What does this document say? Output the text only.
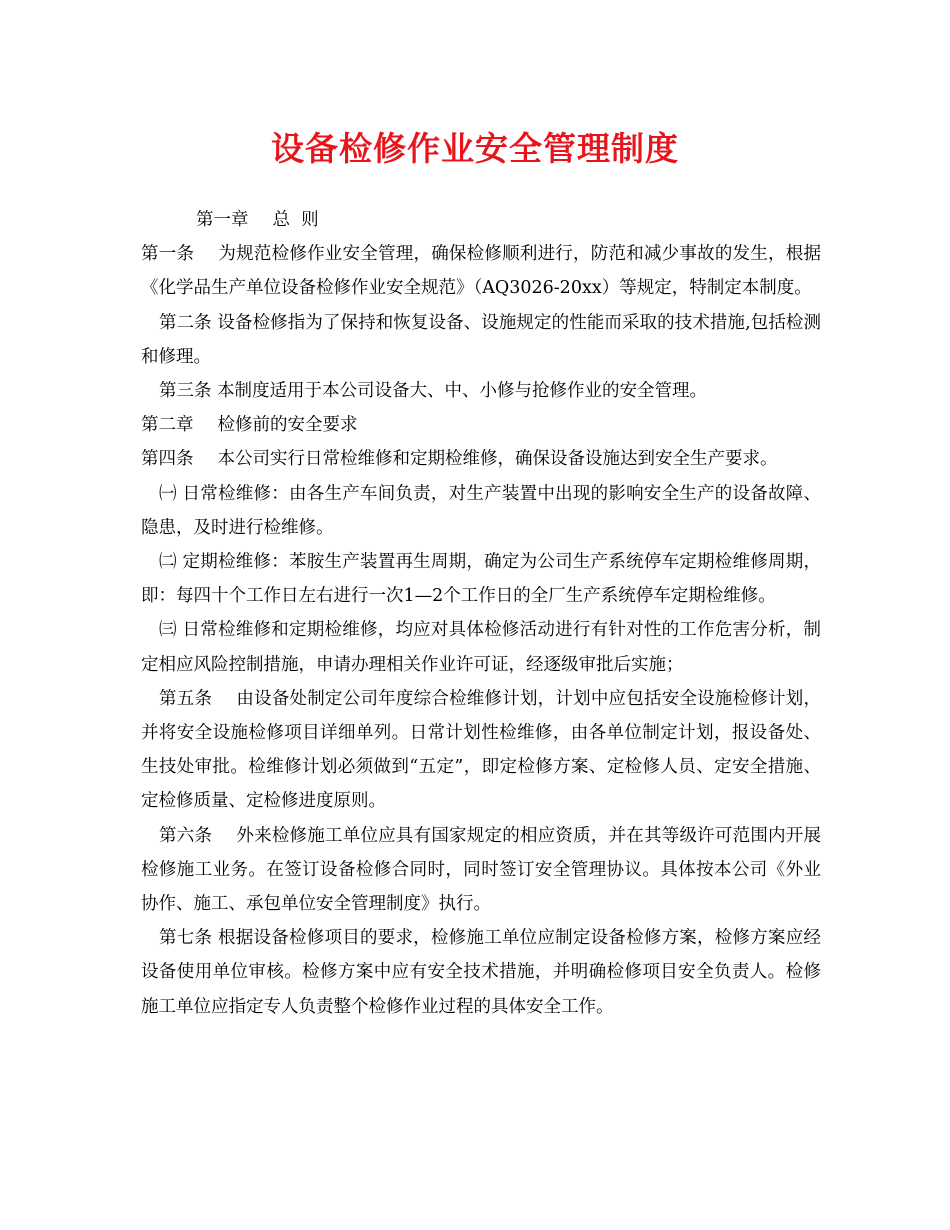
设备检修作业安全管理制度

第一章 总  则

第一条 为规范检修作业安全管理，确保检修顺利进行，防范和减少事故的发生，根据《化学品生产单位设备检修作业安全规范》（AQ3026-20xx）等规定，特制定本制度。

第二条 设备检修指为了保持和恢复设备、设施规定的性能而采取的技术措施,包括检测和修理。

第三条 本制度适用于本公司设备大、中、小修与抢修作业的安全管理。

第二章 检修前的安全要求

第四条 本公司实行日常检维修和定期检维修，确保设备设施达到安全生产要求。

㈠ 日常检维修：由各生产车间负责，对生产装置中出现的影响安全生产的设备故障、隐患，及时进行检维修。

㈡ 定期检维修：苯胺生产装置再生周期，确定为公司生产系统停车定期检维修周期，即：每四十个工作日左右进行一次1—2个工作日的全厂生产系统停车定期检维修。

㈢ 日常检维修和定期检维修，均应对具体检修活动进行有针对性的工作危害分析，制定相应风险控制措施，申请办理相关作业许可证，经逐级审批后实施；

第五条 由设备处制定公司年度综合检维修计划，计划中应包括安全设施检修计划，并将安全设施检修项目详细单列。日常计划性检维修，由各单位制定计划，报设备处、生技处审批。检维修计划必须做到“五定”，即定检修方案、定检修人员、定安全措施、定检修质量、定检修进度原则。

第六条 外来检修施工单位应具有国家规定的相应资质，并在其等级许可范围内开展检修施工业务。在签订设备检修合同时，同时签订安全管理协议。具体按本公司《外业协作、施工、承包单位安全管理制度》执行。

第七条 根据设备检修项目的要求，检修施工单位应制定设备检修方案，检修方案应经设备使用单位审核。检修方案中应有安全技术措施，并明确检修项目安全负责人。检修施工单位应指定专人负责整个检修作业过程的具体安全工作。
